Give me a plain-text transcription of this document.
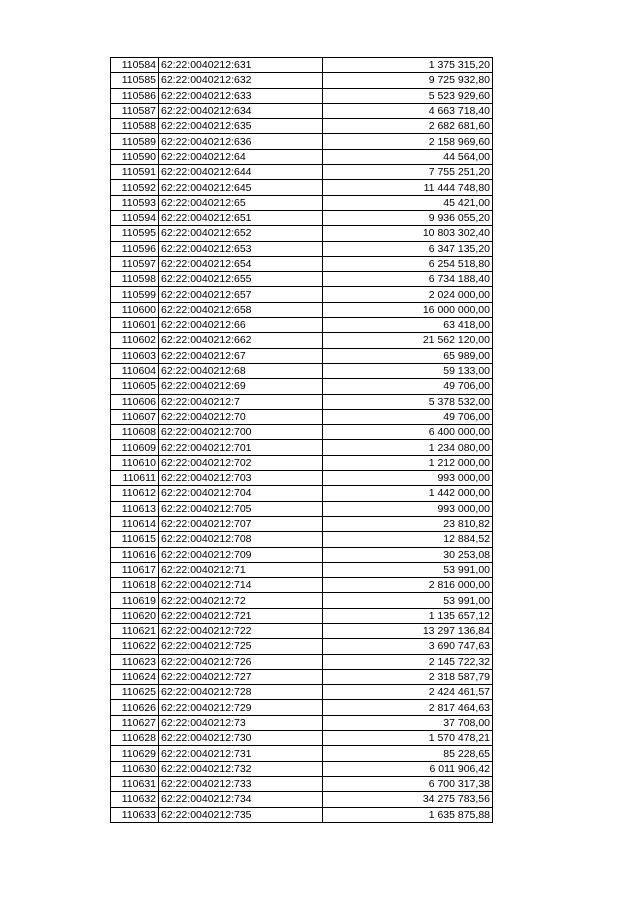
110584	62:22:0040212:631	1 375 315,20
110585	62:22:0040212:632	9 725 932,80
110586	62:22:0040212:633	5 523 929,60
110587	62:22:0040212:634	4 663 718,40
110588	62:22:0040212:635	2 682 681,60
110589	62:22:0040212:636	2 158 969,60
110590	62:22:0040212:64	44 564,00
110591	62:22:0040212:644	7 755 251,20
110592	62:22:0040212:645	11 444 748,80
110593	62:22:0040212:65	45 421,00
110594	62:22:0040212:651	9 936 055,20
110595	62:22:0040212:652	10 803 302,40
110596	62:22:0040212:653	6 347 135,20
110597	62:22:0040212:654	6 254 518,80
110598	62:22:0040212:655	6 734 188,40
110599	62:22:0040212:657	2 024 000,00
110600	62:22:0040212:658	16 000 000,00
110601	62:22:0040212:66	63 418,00
110602	62:22:0040212:662	21 562 120,00
110603	62:22:0040212:67	65 989,00
110604	62:22:0040212:68	59 133,00
110605	62:22:0040212:69	49 706,00
110606	62:22:0040212:7	5 378 532,00
110607	62:22:0040212:70	49 706,00
110608	62:22:0040212:700	6 400 000,00
110609	62:22:0040212:701	1 234 080,00
110610	62:22:0040212:702	1 212 000,00
110611	62:22:0040212:703	993 000,00
110612	62:22:0040212:704	1 442 000,00
110613	62:22:0040212:705	993 000,00
110614	62:22:0040212:707	23 810,82
110615	62:22:0040212:708	12 884,52
110616	62:22:0040212:709	30 253,08
110617	62:22:0040212:71	53 991,00
110618	62:22:0040212:714	2 816 000,00
110619	62:22:0040212:72	53 991,00
110620	62:22:0040212:721	1 135 657,12
110621	62:22:0040212:722	13 297 136,84
110622	62:22:0040212:725	3 690 747,63
110623	62:22:0040212:726	2 145 722,32
110624	62:22:0040212:727	2 318 587,79
110625	62:22:0040212:728	2 424 461,57
110626	62:22:0040212:729	2 817 464,63
110627	62:22:0040212:73	37 708,00
110628	62:22:0040212:730	1 570 478,21
110629	62:22:0040212:731	85 228,65
110630	62:22:0040212:732	6 011 906,42
110631	62:22:0040212:733	6 700 317,38
110632	62:22:0040212:734	34 275 783,56
110633	62:22:0040212:735	1 635 875,88
